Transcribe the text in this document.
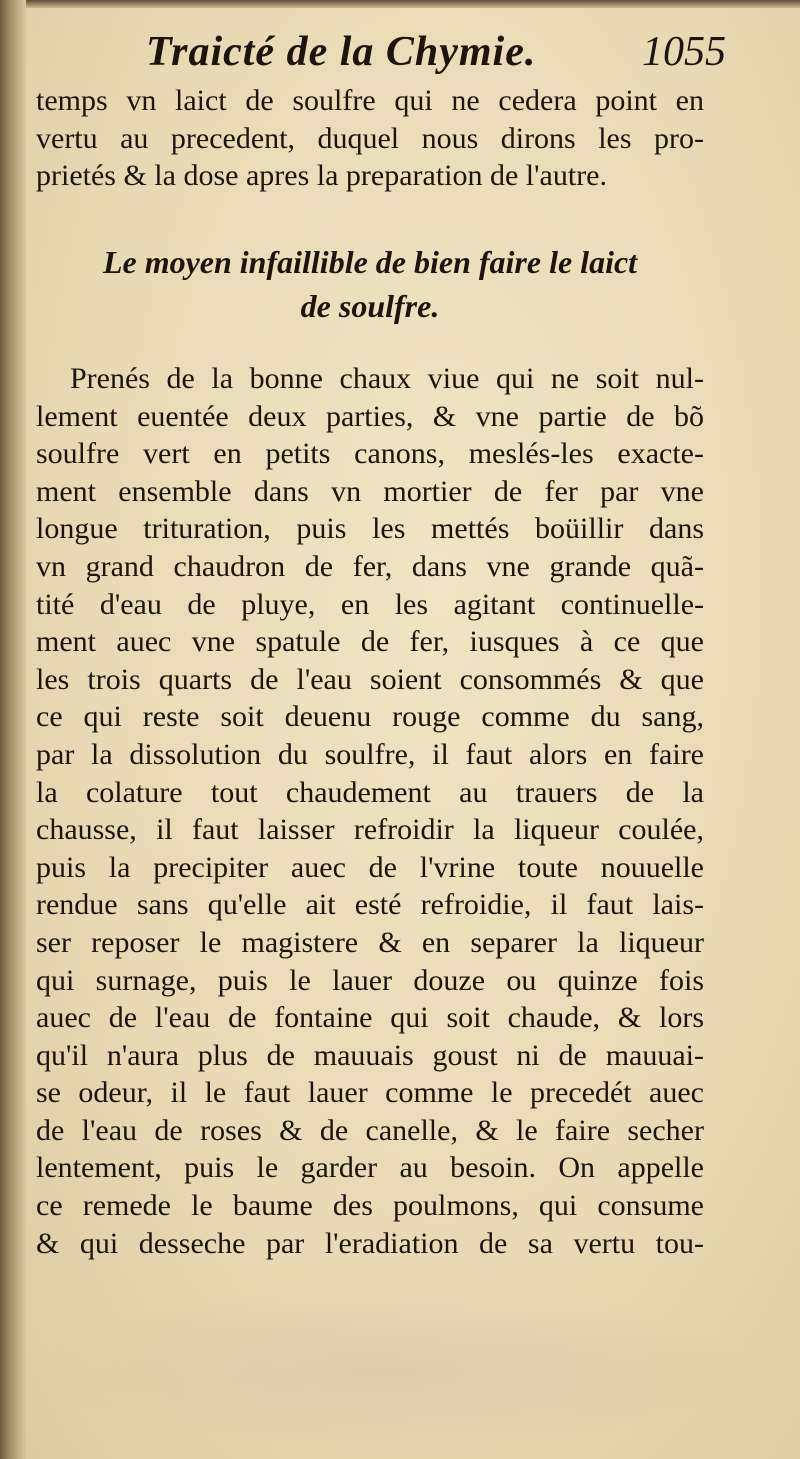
Traicté de la Chymie.	1055
temps vn laict de soulfre qui ne cedera point en
vertu au precedent, duquel nous dirons les pro-
prietés & la dose apres la preparation de l'autre.
Le moyen infaillible de bien faire le laict
de soulfre.
Prenés de la bonne chaux viue qui ne soit nul-
lement euentée deux parties, & vne partie de bõ
soulfre vert en petits canons, meslés-les exacte-
ment ensemble dans vn mortier de fer par vne
longue trituration, puis les mettés boüillir dans
vn grand chaudron de fer, dans vne grande quã-
tité d'eau de pluye, en les agitant continuelle-
ment auec vne spatule de fer, iusques à ce que
les trois quarts de l'eau soient consommés & que
ce qui reste soit deuenu rouge comme du sang,
par la dissolution du soulfre, il faut alors en faire
la colature tout chaudement au trauers de la
chausse, il faut laisser refroidir la liqueur coulée,
puis la precipiter auec de l'vrine toute nouuelle
rendue sans qu'elle ait esté refroidie, il faut lais-
ser reposer le magistere & en separer la liqueur
qui surnage, puis le lauer douze ou quinze fois
auec de l'eau de fontaine qui soit chaude, & lors
qu'il n'aura plus de mauuais goust ni de mauuai-
se odeur, il le faut lauer comme le precedét auec
de l'eau de roses & de canelle, & le faire secher
lentement, puis le garder au besoin. On appelle
ce remede le baume des poulmons, qui consume
& qui desseche par l'eradiation de sa vertu tou-
